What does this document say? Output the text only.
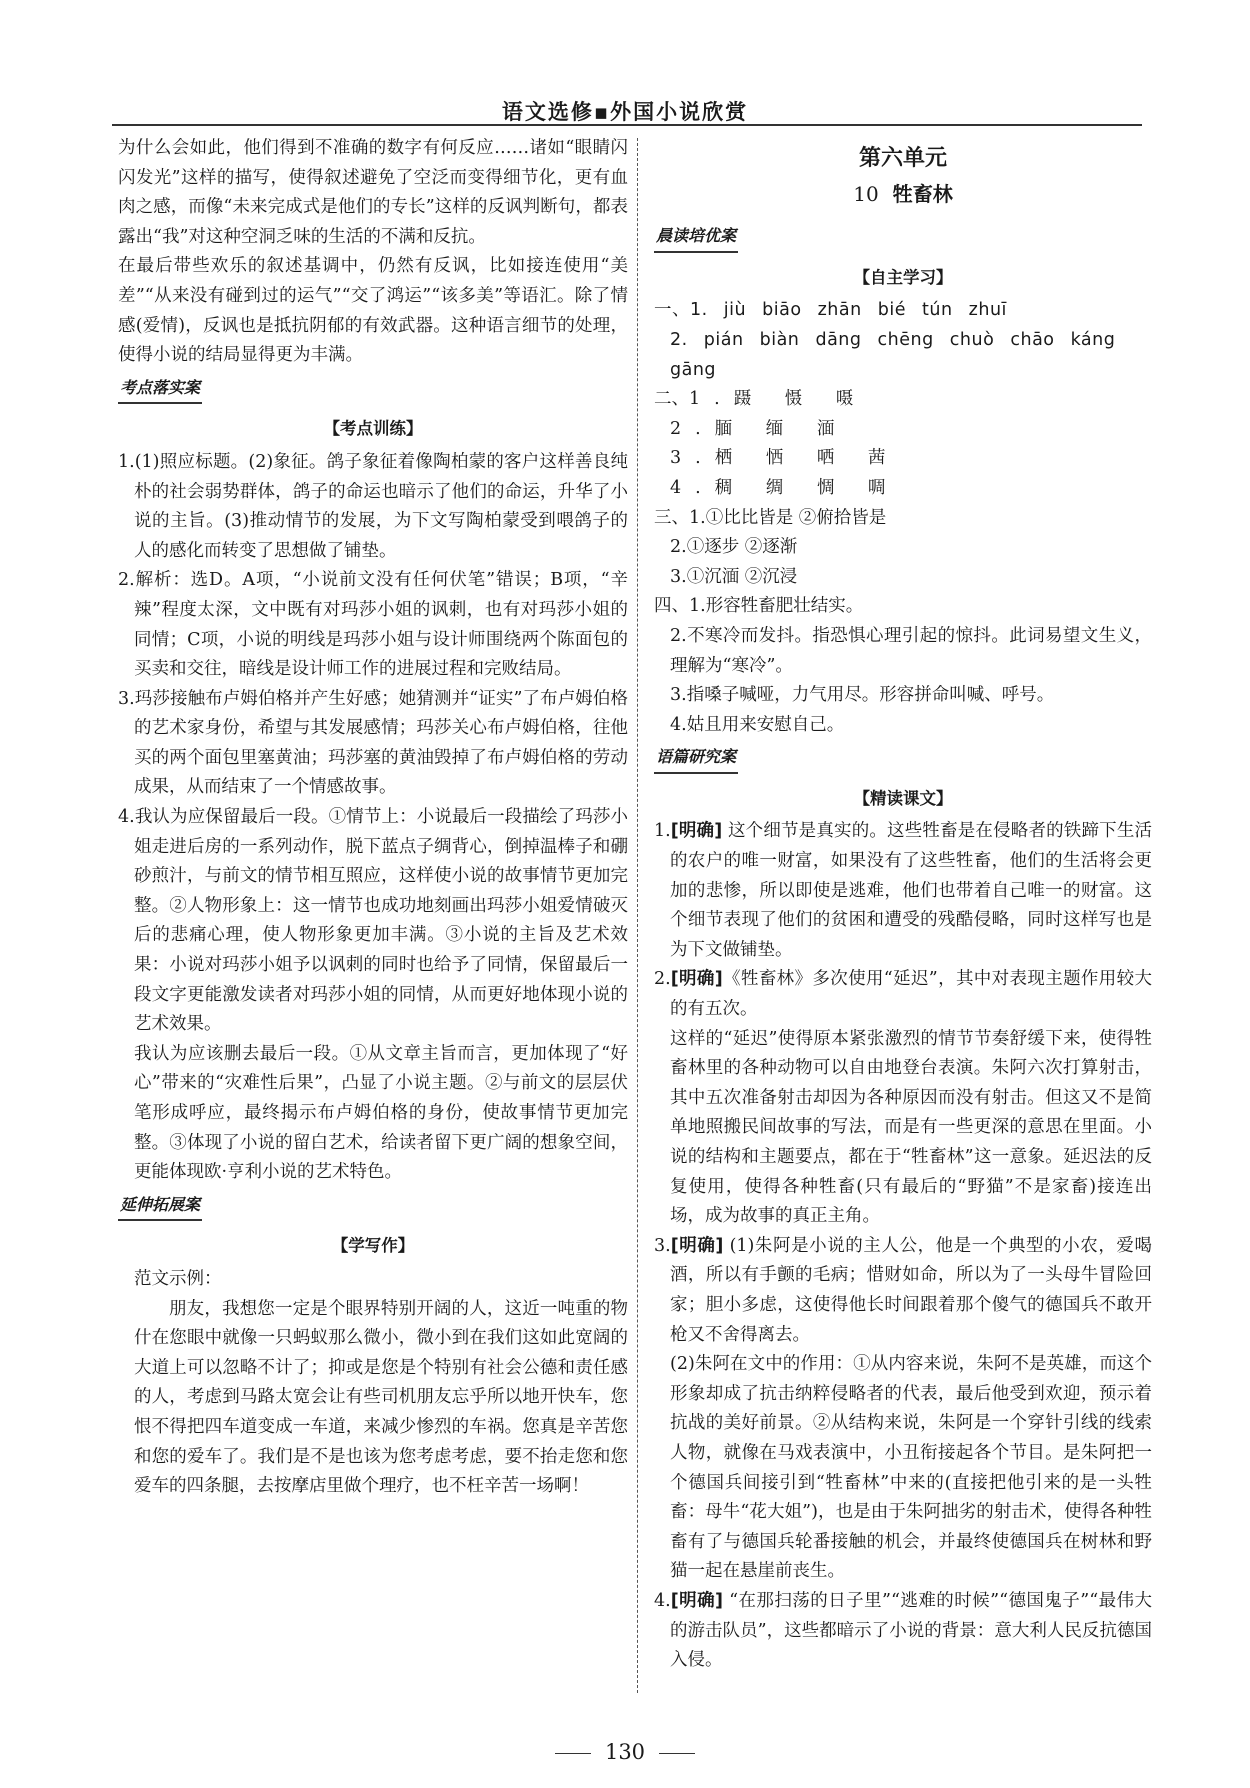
语文选修▪外国小说欣赏

为什么会如此，他们得到不准确的数字有何反应……诸如“眼睛闪闪发光”这样的描写，使得叙述避免了空泛而变得细节化，更有血肉之感，而像“未来完成式是他们的专长”这样的反讽判断句，都表露出“我”对这种空洞乏味的生活的不满和反抗。

在最后带些欢乐的叙述基调中，仍然有反讽，比如接连使用“美差”“从来没有碰到过的运气”“交了鸿运”“该多美”等语汇。除了情感(爱情)，反讽也是抵抗阴郁的有效武器。这种语言细节的处理，使得小说的结局显得更为丰满。

考点落实案
【考点训练】

1.(1)照应标题。(2)象征。鸽子象征着像陶柏蒙的客户这样善良纯朴的社会弱势群体，鸽子的命运也暗示了他们的命运，升华了小说的主旨。(3)推动情节的发展，为下文写陶柏蒙受到喂鸽子的人的感化而转变了思想做了铺垫。

2.解析：选D。A项，“小说前文没有任何伏笔”错误；B项，“辛辣”程度太深，文中既有对玛莎小姐的讽刺，也有对玛莎小姐的同情；C项，小说的明线是玛莎小姐与设计师围绕两个陈面包的买卖和交往，暗线是设计师工作的进展过程和完败结局。

3.玛莎接触布卢姆伯格并产生好感；她猜测并“证实”了布卢姆伯格的艺术家身份，希望与其发展感情；玛莎关心布卢姆伯格，往他买的两个面包里塞黄油；玛莎塞的黄油毁掉了布卢姆伯格的劳动成果，从而结束了一个情感故事。

4.我认为应保留最后一段。①情节上：小说最后一段描绘了玛莎小姐走进后房的一系列动作，脱下蓝点子绸背心，倒掉温棒子和硼砂煎汁，与前文的情节相互照应，这样使小说的故事情节更加完整。②人物形象上：这一情节也成功地刻画出玛莎小姐爱情破灭后的悲痛心理，使人物形象更加丰满。③小说的主旨及艺术效果：小说对玛莎小姐予以讽刺的同时也给予了同情，保留最后一段文字更能激发读者对玛莎小姐的同情，从而更好地体现小说的艺术效果。

我认为应该删去最后一段。①从文章主旨而言，更加体现了“好心”带来的“灾难性后果”，凸显了小说主题。②与前文的层层伏笔形成呼应，最终揭示布卢姆伯格的身份，使故事情节更加完整。③体现了小说的留白艺术，给读者留下更广阔的想象空间，更能体现欧·亨利小说的艺术特色。

延伸拓展案
【学写作】

范文示例：

朋友，我想您一定是个眼界特别开阔的人，这近一吨重的物什在您眼中就像一只蚂蚁那么微小，微小到在我们这如此宽阔的大道上可以忽略不计了；抑或是您是个特别有社会公德和责任感的人，考虑到马路太宽会让有些司机朋友忘乎所以地开快车，您恨不得把四车道变成一车道，来减少惨烈的车祸。您真是辛苦您和您的爱车了。我们是不是也该为您考虑考虑，要不抬走您和您爱车的四条腿，去按摩店里做个理疗，也不枉辛苦一场啊！

第六单元
10 牲畜林
晨读培优案
【自主学习】

一、1. jiù biāo zhān bié tún zhuī

2. pián biàn dāng chēng chuò chāo káng

gāng

二、1.蹑 慑 嗫

2.腼 缅 湎

3.栖 恓 哂 茜

4.稠 绸 惆 啁

三、1.①比比皆是 ②俯拾皆是

2.①逐步 ②逐渐

3.①沉湎 ②沉浸

四、1.形容牲畜肥壮结实。

2.不寒冷而发抖。指恐惧心理引起的惊抖。此词易望文生义，理解为“寒冷”。

3.指嗓子喊哑，力气用尽。形容拼命叫喊、呼号。

4.姑且用来安慰自己。

语篇研究案
【精读课文】

1.[明确] 这个细节是真实的。这些牲畜是在侵略者的铁蹄下生活的农户的唯一财富，如果没有了这些牲畜，他们的生活将会更加的悲惨，所以即使是逃难，他们也带着自己唯一的财富。这个细节表现了他们的贫困和遭受的残酷侵略，同时这样写也是为下文做铺垫。

2.[明确]《牲畜林》多次使用“延迟”，其中对表现主题作用较大的有五次。

这样的“延迟”使得原本紧张激烈的情节节奏舒缓下来，使得牲畜林里的各种动物可以自由地登台表演。朱阿六次打算射击，其中五次准备射击却因为各种原因而没有射击。但这又不是简单地照搬民间故事的写法，而是有一些更深的意思在里面。小说的结构和主题要点，都在于“牲畜林”这一意象。延迟法的反复使用，使得各种牲畜(只有最后的“野猫”不是家畜)接连出场，成为故事的真正主角。

3.[明确] (1)朱阿是小说的主人公，他是一个典型的小农，爱喝酒，所以有手颤的毛病；惜财如命，所以为了一头母牛冒险回家；胆小多虑，这使得他长时间跟着那个傻气的德国兵不敢开枪又不舍得离去。

(2)朱阿在文中的作用：①从内容来说，朱阿不是英雄，而这个形象却成了抗击纳粹侵略者的代表，最后他受到欢迎，预示着抗战的美好前景。②从结构来说，朱阿是一个穿针引线的线索人物，就像在马戏表演中，小丑衔接起各个节目。是朱阿把一个德国兵间接引到“牲畜林”中来的(直接把他引来的是一头牲畜：母牛“花大姐”)，也是由于朱阿拙劣的射击术，使得各种牲畜有了与德国兵轮番接触的机会，并最终使德国兵在树林和野猫一起在悬崖前丧生。

4.[明确] “在那扫荡的日子里”“逃难的时候”“德国鬼子”“最伟大的游击队员”，这些都暗示了小说的背景：意大利人民反抗德国入侵。

130
